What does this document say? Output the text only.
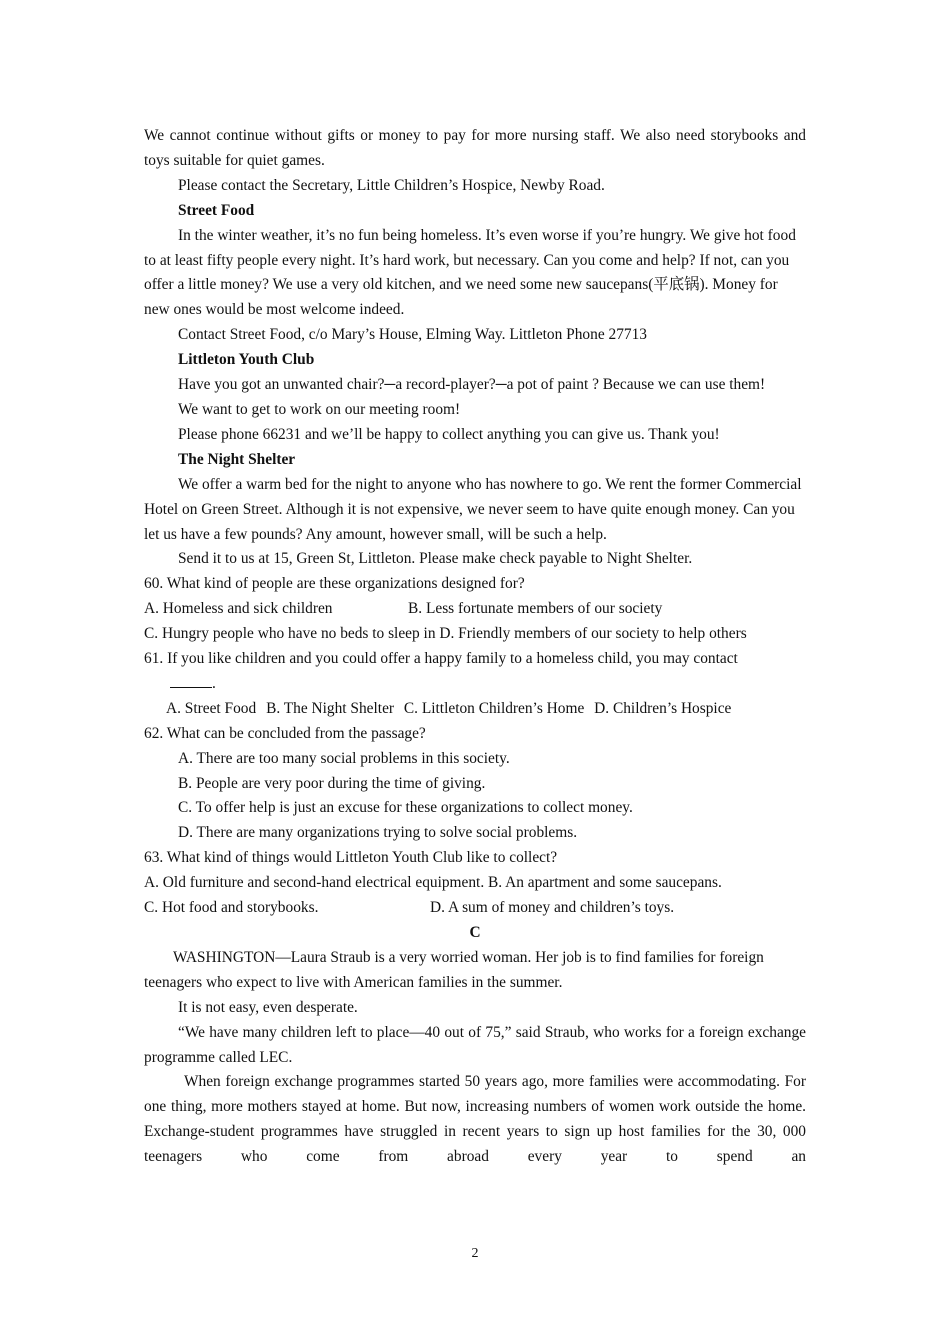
We cannot continue without gifts or money to pay for more nursing staff. We also need storybooks and toys suitable for quiet games.

Please contact the Secretary, Little Children’s Hospice, Newby Road.

Street Food

In the winter weather, it’s no fun being homeless. It’s even worse if you’re hungry. We give hot food to at least fifty people every night. It’s hard work, but necessary. Can you come and help? If not, can you offer a little money? We use a very old kitchen, and we need some new saucepans(平底锅). Money for new ones would be most welcome indeed.

Contact Street Food, c/o Mary’s House, Elming Way. Littleton Phone 27713

Littleton Youth Club

Have you got an unwanted chair?─a record-player?─a pot of paint ? Because we can use them!

We want to get to work on our meeting room!

Please phone 66231 and we’ll be happy to collect anything you can give us. Thank you!

The Night Shelter

We offer a warm bed for the night to anyone who has nowhere to go. We rent the former Commercial Hotel on Green Street. Although it is not expensive, we never seem to have quite enough money. Can you let us have a few pounds? Any amount, however small, will be such a help.

Send it to us at 15, Green St, Littleton. Please make check payable to Night Shelter.

60. What kind of people are these organizations designed for?

A. Homeless and sick children	B. Less fortunate members of our society

C. Hungry people who have no beds to sleep in D. Friendly members of our society to help others

61. If you like children and you could offer a happy family to a homeless child, you may contact

.

A. Street Food B. The Night Shelter C. Littleton Children’s Home D. Children’s Hospice

62. What can be concluded from the passage?

A. There are too many social problems in this society.

B. People are very poor during the time of giving.

C. To offer help is just an excuse for these organizations to collect money.

D. There are many organizations trying to solve social problems.

63. What kind of things would Littleton Youth Club like to collect?

A. Old furniture and second-hand electrical equipment. B. An apartment and some saucepans.

C. Hot food and storybooks.	D. A sum of money and children’s toys.

C

WASHINGTON—Laura Straub is a very worried woman. Her job is to find families for foreign teenagers who expect to live with American families in the summer.

It is not easy, even desperate.

“We have many children left to place—40 out of 75,” said Straub, who works for a foreign exchange programme called LEC.

When foreign exchange programmes started 50 years ago, more families were accommodating. For one thing, more mothers stayed at home. But now, increasing numbers of women work outside the home. Exchange-student programmes have struggled in recent years to sign up host families for the 30, 000 teenagers who come from abroad every year to spend an

2
